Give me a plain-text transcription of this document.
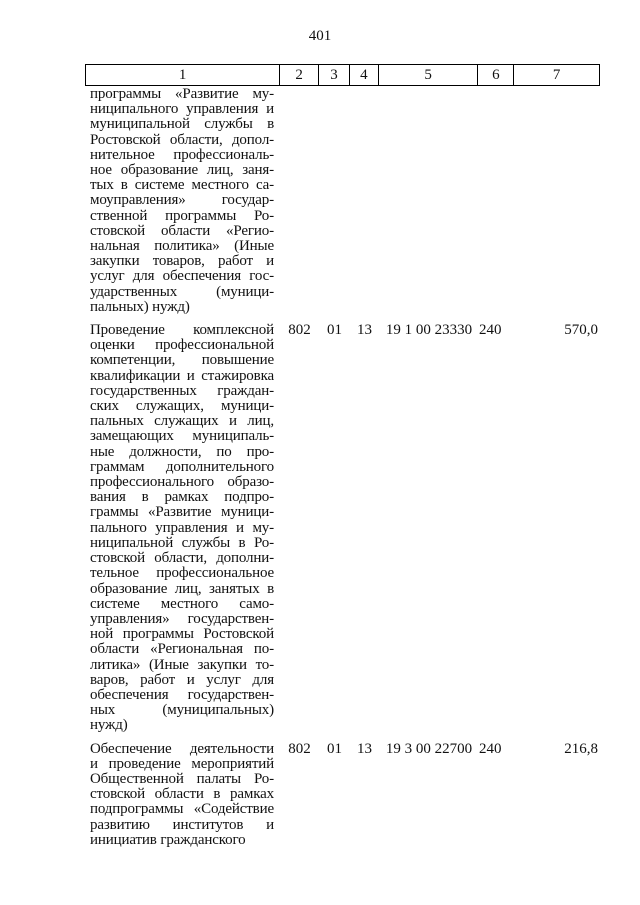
401
1	2	3	4	5	6	7
программы «Развитие му-
ниципального управления и
муниципальной службы в
Ростовской области, допол-
нительное профессиональ-
ное образование лиц, заня-
тых в системе местного са-
моуправления» государ-
ственной программы Ро-
стовской области «Регио-
нальная политика» (Иные
закупки товаров, работ и
услуг для обеспечения гос-
ударственных (муници-
пальных) нужд)
Проведение комплексной
оценки профессиональной
компетенции, повышение
квалификации и стажировка
государственных граждан-
ских служащих, муници-
пальных служащих и лиц,
замещающих муниципаль-
ные должности, по про-
граммам дополнительного
профессионального образо-
вания в рамках подпро-
граммы «Развитие муници-
пального управления и му-
ниципальной службы в Ро-
стовской области, дополни-
тельное профессиональное
образование лиц, занятых в
системе местного само-
управления» государствен-
ной программы Ростовской
области «Региональная по-
литика» (Иные закупки то-
варов, работ и услуг для
обеспечения государствен-
ных (муниципальных)
нужд)
802	01	13 19 1 00 23330 240	570,0
Обеспечение деятельности
и проведение мероприятий
Общественной палаты Ро-
стовской области в рамках
подпрограммы «Содействие
развитию институтов и
инициатив гражданского
802	01	13 19 3 00 22700 240	216,8
